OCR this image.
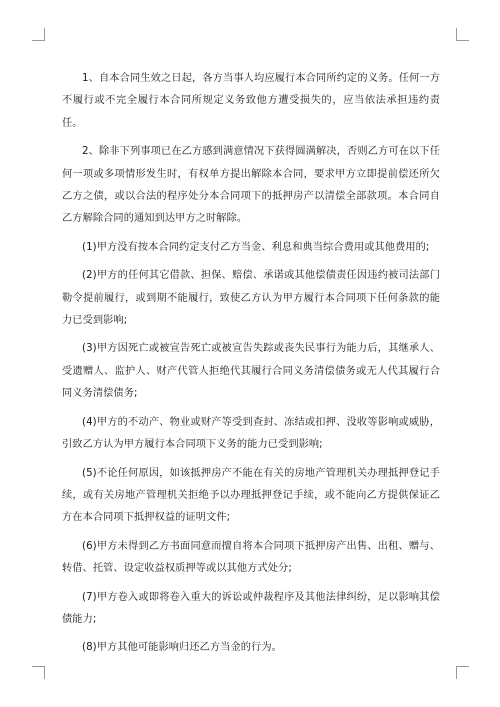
1、自本合同生效之日起，各方当事人均应履行本合同所约定的义务。任何一方不履行或不完全履行本合同所规定义务致他方遭受损失的，应当依法承担违约责任。

2、除非下列事项已在乙方感到满意情况下获得圆满解决，否则乙方可在以下任何一项或多项情形发生时，有权单方提出解除本合同，要求甲方立即提前偿还所欠乙方之债，或以合法的程序处分本合同项下的抵押房产以清偿全部款项。本合同自乙方解除合同的通知到达甲方之时解除。

(1)甲方没有按本合同约定支付乙方当金、利息和典当综合费用或其他费用的;

(2)甲方的任何其它借款、担保、赔偿、承诺或其他偿债责任因违约被司法部门勒令提前履行，或到期不能履行，致使乙方认为甲方履行本合同项下任何条款的能力已受到影响;

(3)甲方因死亡或被宣告死亡或被宣告失踪或丧失民事行为能力后，其继承人、受遗赠人、监护人、财产代管人拒绝代其履行合同义务清偿债务或无人代其履行合同义务清偿债务;

(4)甲方的不动产、物业或财产等受到查封、冻结或扣押、没收等影响或威胁，引致乙方认为甲方履行本合同项下义务的能力已受到影响;

(5)不论任何原因，如该抵押房产不能在有关的房地产管理机关办理抵押登记手续，或有关房地产管理机关拒绝予以办理抵押登记手续，或不能向乙方提供保证乙方在本合同项下抵押权益的证明文件;

(6)甲方未得到乙方书面同意而擅自将本合同项下抵押房产出售、出租、赠与、转借、托管、设定收益权质押等或以其他方式处分;

(7)甲方卷入或即将卷入重大的诉讼或仲裁程序及其他法律纠纷，足以影响其偿债能力;

(8)甲方其他可能影响归还乙方当金的行为。
